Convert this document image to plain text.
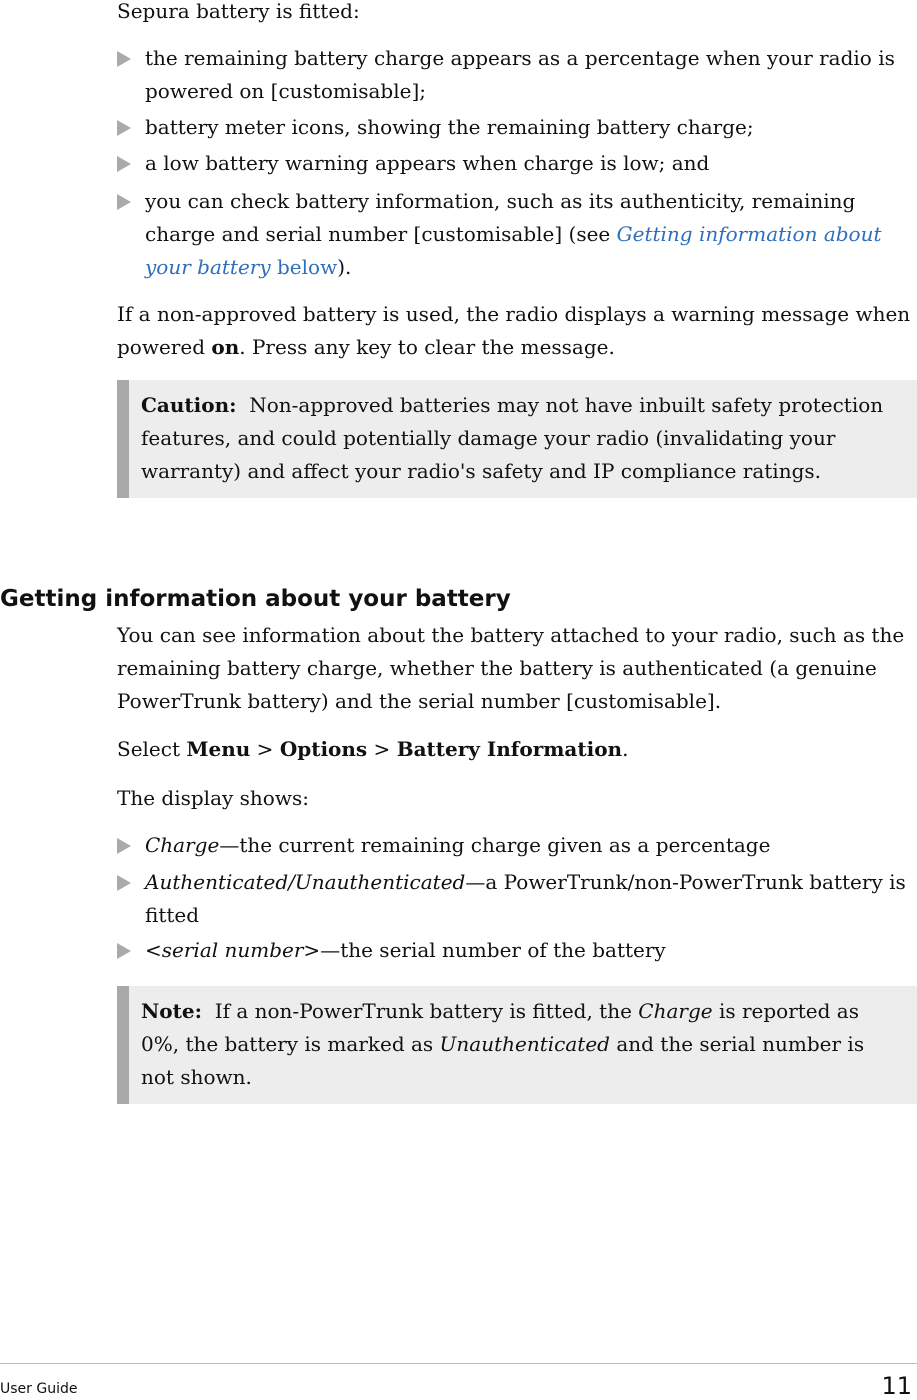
Sepura battery is fitted:

the remaining battery charge appears as a percentage when your radio is powered on [customisable];
battery meter icons, showing the remaining battery charge;
a low battery warning appears when charge is low; and
you can check battery information, such as its authenticity, remaining charge and serial number [customisable] (see Getting information about your battery below).

If a non-approved battery is used, the radio displays a warning message when powered on. Press any key to clear the message.

Caution: Non-approved batteries may not have inbuilt safety protection features, and could potentially damage your radio (invalidating your warranty) and affect your radio's safety and IP compliance ratings.
Getting information about your battery

You can see information about the battery attached to your radio, such as the remaining battery charge, whether the battery is authenticated (a genuine PowerTrunk battery) and the serial number [customisable].

Select Menu > Options > Battery Information.

The display shows:

Charge—the current remaining charge given as a percentage
Authenticated/Unauthenticated—a PowerTrunk/non-PowerTrunk battery is fitted
<serial number>—the serial number of the battery
Note: If a non-PowerTrunk battery is fitted, the Charge is reported as 0%, the battery is marked as Unauthenticated and the serial number is not shown.
User Guide	11
